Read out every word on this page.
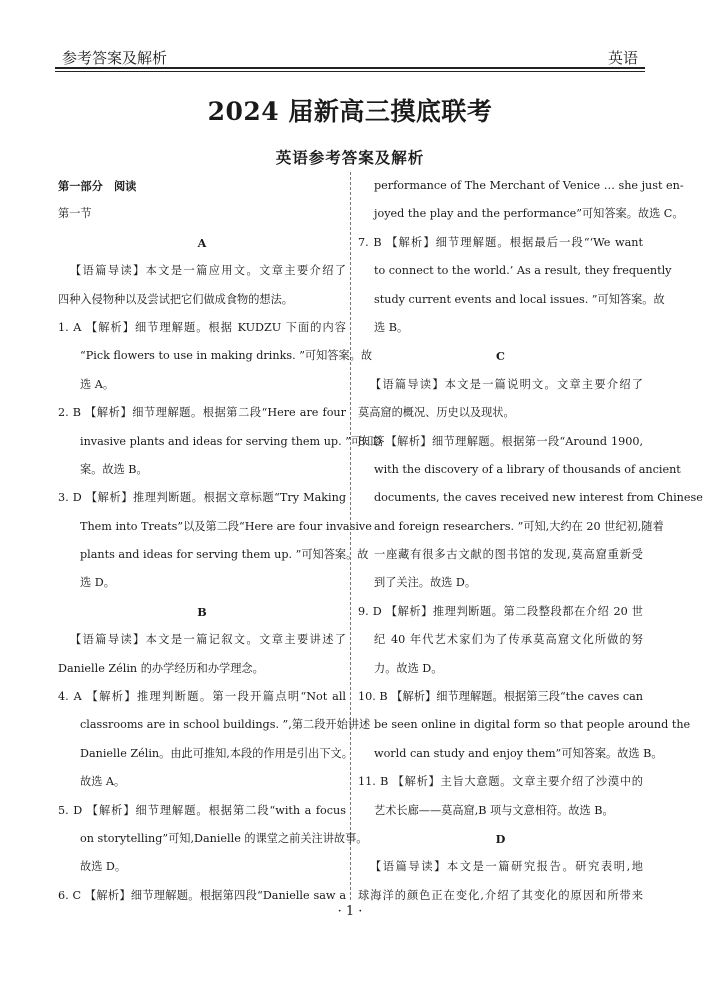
参考答案及解析	英语
2024 届新高三摸底联考
英语参考答案及解析
第一部分　阅读
第一节
A
【语篇导读】本文是一篇应用文。文章主要介绍了
四种入侵物种以及尝试把它们做成食物的想法。
1. A 【解析】细节理解题。根据 KUDZU 下面的内容
“Pick flowers to use in making drinks. ”可知答案。故
选 A。
2. B 【解析】细节理解题。根据第二段“Here are four
invasive plants and ideas for serving them up. ”可知答
案。故选 B。
3. D 【解析】推理判断题。根据文章标题“Try Making
Them into Treats”以及第二段“Here are four invasive
plants and ideas for serving them up. ”可知答案。故
选 D。
B
【语篇导读】本文是一篇记叙文。文章主要讲述了
Danielle Zélin 的办学经历和办学理念。
4. A 【解析】推理判断题。第一段开篇点明“Not all
classrooms are in school buildings. ”,第二段开始讲述
Danielle Zélin。由此可推知,本段的作用是引出下文。
故选 A。
5. D 【解析】细节理解题。根据第二段“with a focus
on storytelling”可知,Danielle 的课堂之前关注讲故事。
故选 D。
6. C 【解析】细节理解题。根据第四段“Danielle saw a
performance of The Merchant of Venice … she just en-
joyed the play and the performance”可知答案。故选 C。
7. B 【解析】细节理解题。根据最后一段“‘We want
to connect to the world.’ As a result, they frequently
study current events and local issues. ”可知答案。故
选 B。
C
【语篇导读】本文是一篇说明文。文章主要介绍了
莫高窟的概况、历史以及现状。
8. D 【解析】细节理解题。根据第一段“Around 1900,
with the discovery of a library of thousands of ancient
documents, the caves received new interest from Chinese
and foreign researchers. ”可知,大约在 20 世纪初,随着
一座藏有很多古文献的图书馆的发现,莫高窟重新受
到了关注。故选 D。
9. D 【解析】推理判断题。第二段整段都在介绍 20 世
纪 40 年代艺术家们为了传承莫高窟文化所做的努
力。故选 D。
10. B 【解析】细节理解题。根据第三段“the caves can
be seen online in digital form so that people around the
world can study and enjoy them”可知答案。故选 B。
11. B 【解析】主旨大意题。文章主要介绍了沙漠中的
艺术长廊——莫高窟,B 项与文意相符。故选 B。
D
【语篇导读】本文是一篇研究报告。研究表明,地
球海洋的颜色正在变化,介绍了其变化的原因和所带来
· 1 ·
